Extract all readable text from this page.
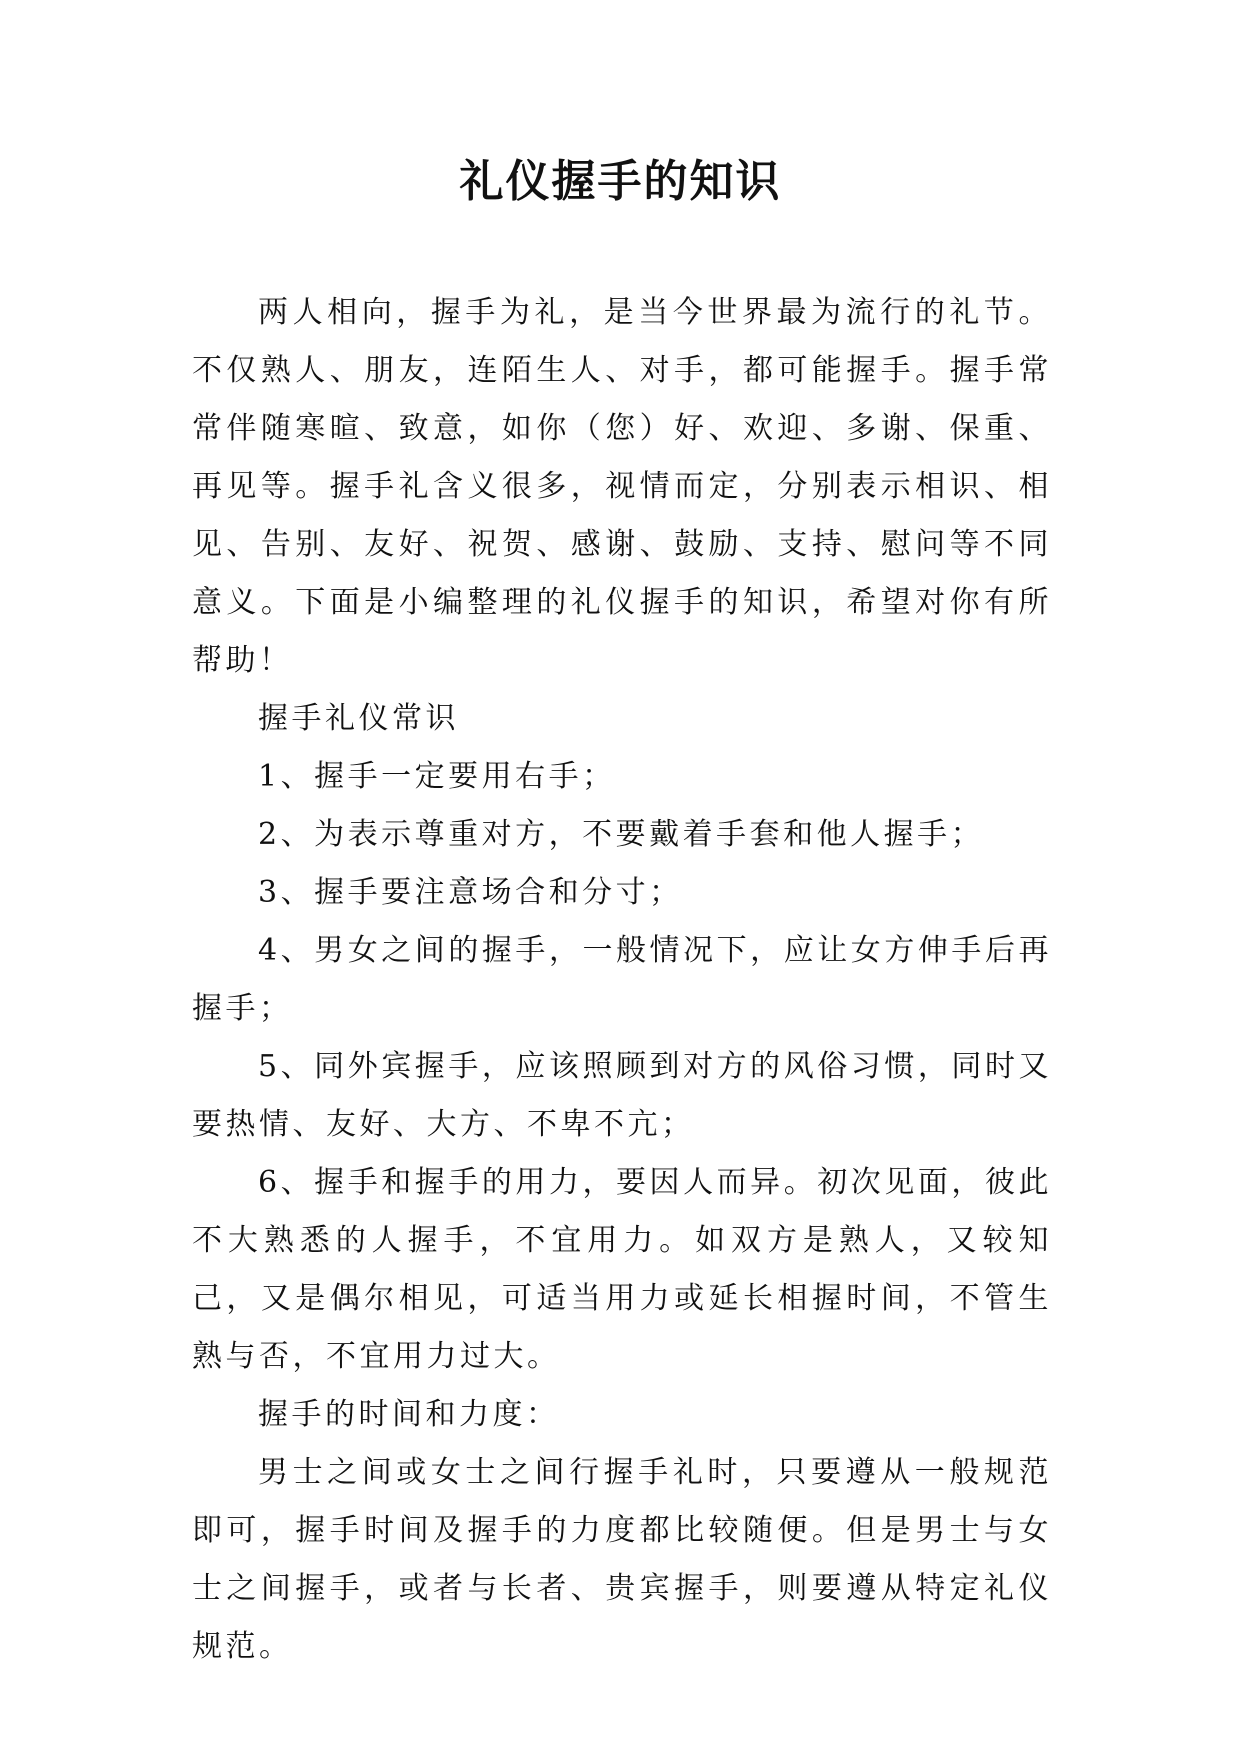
礼仪握手的知识

两人相向，握手为礼，是当今世界最为流行的礼节。不仅熟人、朋友，连陌生人、对手，都可能握手。握手常常伴随寒暄、致意，如你（您）好、欢迎、多谢、保重、再见等。握手礼含义很多，视情而定，分别表示相识、相见、告别、友好、祝贺、感谢、鼓励、支持、慰问等不同意义。下面是小编整理的礼仪握手的知识，希望对你有所帮助！

握手礼仪常识

1、握手一定要用右手；

2、为表示尊重对方，不要戴着手套和他人握手；

3、握手要注意场合和分寸；

4、男女之间的握手，一般情况下，应让女方伸手后再握手；

5、同外宾握手，应该照顾到对方的风俗习惯，同时又要热情、友好、大方、不卑不亢；

6、握手和握手的用力，要因人而异。初次见面，彼此不大熟悉的人握手，不宜用力。如双方是熟人，又较知己，又是偶尔相见，可适当用力或延长相握时间，不管生熟与否，不宜用力过大。

握手的时间和力度：

男士之间或女士之间行握手礼时，只要遵从一般规范即可，握手时间及握手的力度都比较随便。但是男士与女士之间握手，或者与长者、贵宾握手，则要遵从特定礼仪规范。
